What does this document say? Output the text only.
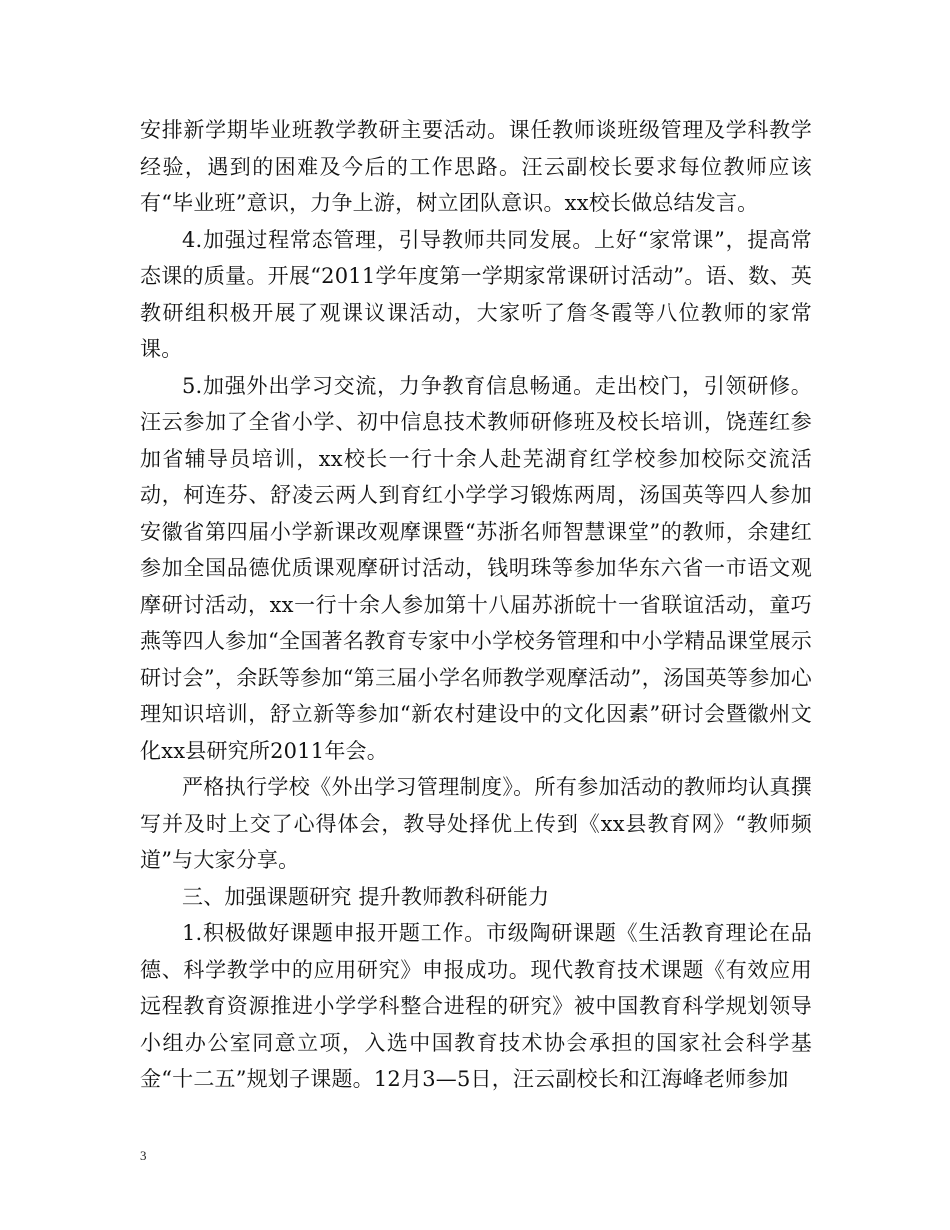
安排新学期毕业班教学教研主要活动。课任教师谈班级管理及学科教学经验，遇到的困难及今后的工作思路。汪云副校长要求每位教师应该有“毕业班”意识，力争上游，树立团队意识。xx校长做总结发言。

4.加强过程常态管理，引导教师共同发展。上好“家常课”，提高常态课的质量。开展“2011学年度第一学期家常课研讨活动”。语、数、英教研组积极开展了观课议课活动，大家听了詹冬霞等八位教师的家常课。

5.加强外出学习交流，力争教育信息畅通。走出校门，引领研修。汪云参加了全省小学、初中信息技术教师研修班及校长培训，饶莲红参加省辅导员培训，xx校长一行十余人赴芜湖育红学校参加校际交流活动，柯连芬、舒凌云两人到育红小学学习锻炼两周，汤国英等四人参加安徽省第四届小学新课改观摩课暨“苏浙名师智慧课堂”的教师，余建红参加全国品德优质课观摩研讨活动，钱明珠等参加华东六省一市语文观摩研讨活动，xx一行十余人参加第十八届苏浙皖十一省联谊活动，童巧燕等四人参加“全国著名教育专家中小学校务管理和中小学精品课堂展示研讨会”，余跃等参加“第三届小学名师教学观摩活动”，汤国英等参加心理知识培训，舒立新等参加“新农村建设中的文化因素”研讨会暨徽州文化xx县研究所2011年会。

严格执行学校《外出学习管理制度》。所有参加活动的教师均认真撰写并及时上交了心得体会，教导处择优上传到《xx县教育网》“教师频道”与大家分享。

三、加强课题研究 提升教师教科研能力

1.积极做好课题申报开题工作。市级陶研课题《生活教育理论在品德、科学教学中的应用研究》申报成功。现代教育技术课题《有效应用远程教育资源推进小学学科整合进程的研究》被中国教育科学规划领导小组办公室同意立项，入选中国教育技术协会承担的国家社会科学基金“十二五”规划子课题。12月3—5日，汪云副校长和江海峰老师参加

3
